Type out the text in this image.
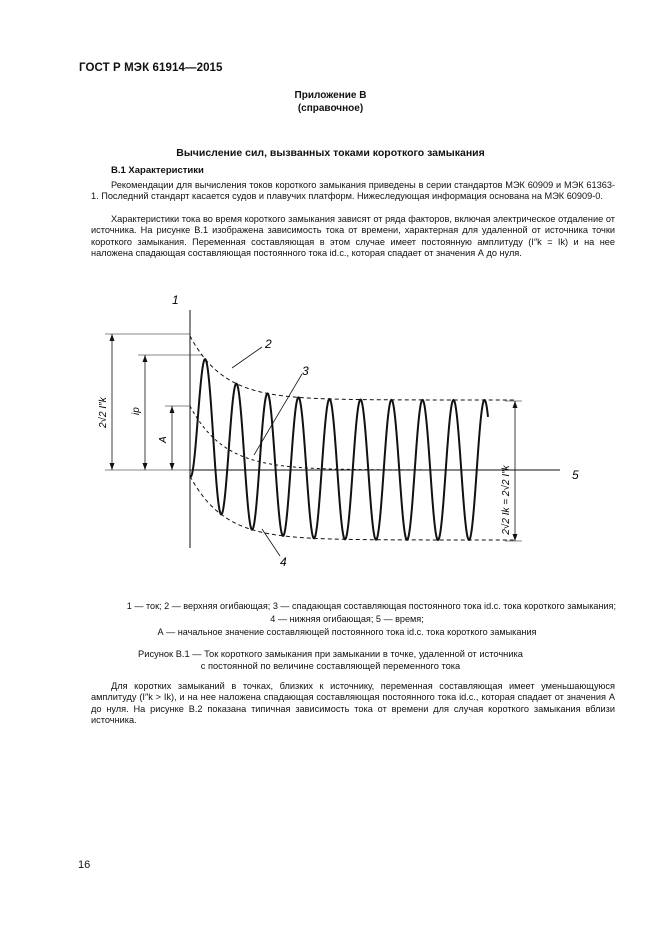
ГОСТ Р МЭК 61914—2015
Приложение В
(справочное)
Вычисление сил, вызванных токами короткого замыкания
В.1 Характеристики
Рекомендации для вычисления токов короткого замыкания приведены в серии стандартов МЭК 60909 и МЭК 61363-1. Последний стандарт касается судов и плавучих платформ. Нижеследующая информация основана на МЭК 60909-0.
Характеристики тока во время короткого замыкания зависят от ряда факторов, включая электрическое отдаление от источника. На рисунке В.1 изображена зависимость тока от времени, характерная для удаленной от источника точки короткого замыкания. Переменная составляющая в этом случае имеет постоянную амплитуду (I″k = Ik) и на нее наложена спадающая составляющая постоянного тока id.c., которая спадает от значения А до нуля.
1
2
3
4
5
ip
A
2√2 I″k
2√2 Ik = 2√2 I″k
1 — ток; 2 — верхняя огибающая; 3 — спадающая составляющая постоянного тока id.c. тока короткого замыкания;
4 — нижняя огибающая; 5 — время;
А — начальное значение составляющей постоянного тока id.c. тока короткого замыкания
Рисунок В.1 — Ток короткого замыкания при замыкании в точке, удаленной от источника
с постоянной по величине составляющей переменного тока
Для коротких замыканий в точках, близких к источнику, переменная составляющая имеет уменьшающуюся амплитуду (I″k > Ik), и на нее наложена спадающая составляющая постоянного тока id.c., которая спадает от значения А до нуля. На рисунке В.2 показана типичная зависимость тока от времени для случая короткого замыкания вблизи источника.
16
